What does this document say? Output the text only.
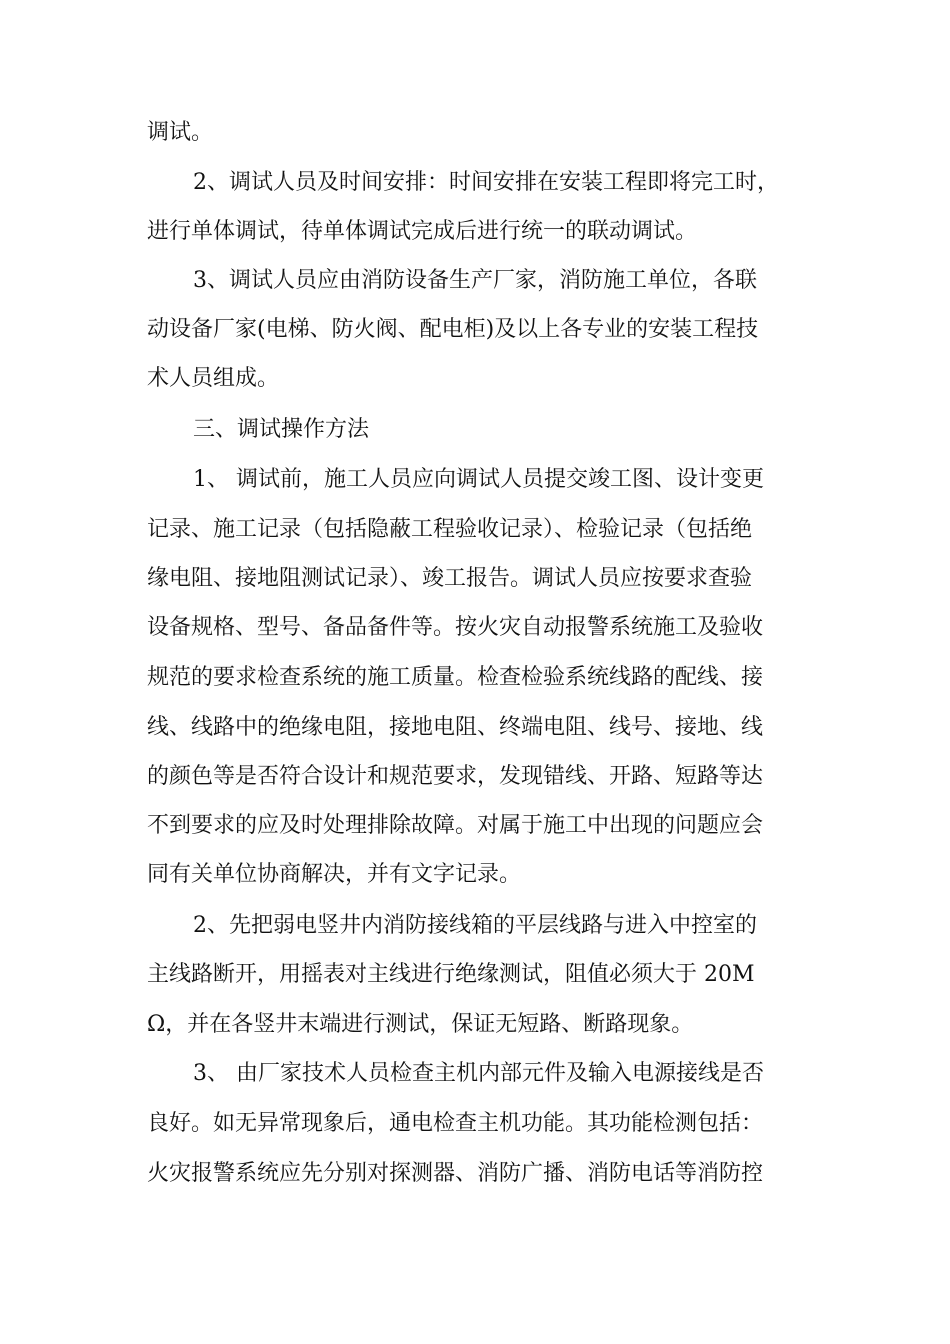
调试。
2、调试人员及时间安排：时间安排在安装工程即将完工时，
进行单体调试，待单体调试完成后进行统一的联动调试。
3、调试人员应由消防设备生产厂家，消防施工单位，各联
动设备厂家(电梯、防火阀、配电柜)及以上各专业的安装工程技
术人员组成。
三、调试操作方法
1、 调试前，施工人员应向调试人员提交竣工图、设计变更
记录、施工记录（包括隐蔽工程验收记录）、检验记录（包括绝
缘电阻、接地阻测试记录）、竣工报告。调试人员应按要求查验
设备规格、型号、备品备件等。按火灾自动报警系统施工及验收
规范的要求检查系统的施工质量。检查检验系统线路的配线、接
线、线路中的绝缘电阻，接地电阻、终端电阻、线号、接地、线
的颜色等是否符合设计和规范要求，发现错线、开路、短路等达
不到要求的应及时处理排除故障。对属于施工中出现的问题应会
同有关单位协商解决，并有文字记录。
2、先把弱电竖井内消防接线箱的平层线路与进入中控室的
主线路断开，用摇表对主线进行绝缘测试，阻值必须大于 20M
Ω，并在各竖井末端进行测试，保证无短路、断路现象。
3、 由厂家技术人员检查主机内部元件及输入电源接线是否
良好。如无异常现象后，通电检查主机功能。其功能检测包括：
火灾报警系统应先分别对探测器、消防广播、消防电话等消防控
